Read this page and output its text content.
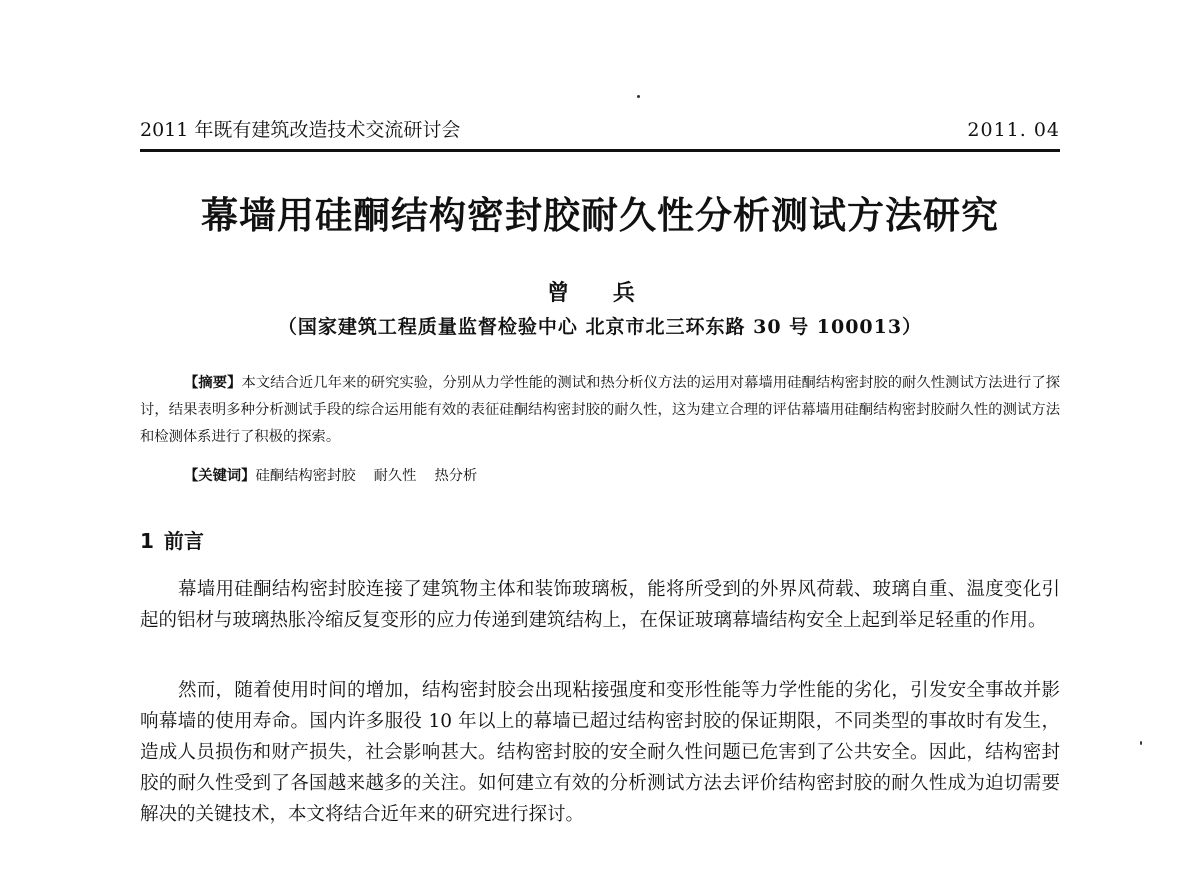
2011 年既有建筑改造技术交流研讨会	2011. 04
幕墙用硅酮结构密封胶耐久性分析测试方法研究
曾 兵
（国家建筑工程质量监督检验中心 北京市北三环东路 30 号 100013）
【摘要】本文结合近几年来的研究实验，分别从力学性能的测试和热分析仪方法的运用对幕墙用硅酮结构密封胶的耐久性测试方法进行了探讨，结果表明多种分析测试手段的综合运用能有效的表征硅酮结构密封胶的耐久性，这为建立合理的评估幕墙用硅酮结构密封胶耐久性的测试方法和检测体系进行了积极的探索。
【关键词】硅酮结构密封胶 耐久性 热分析
1 前言

幕墙用硅酮结构密封胶连接了建筑物主体和装饰玻璃板，能将所受到的外界风荷载、玻璃自重、温度变化引起的铝材与玻璃热胀冷缩反复变形的应力传递到建筑结构上，在保证玻璃幕墙结构安全上起到举足轻重的作用。

然而，随着使用时间的增加，结构密封胶会出现粘接强度和变形性能等力学性能的劣化，引发安全事故并影响幕墙的使用寿命。国内许多服役 10 年以上的幕墙已超过结构密封胶的保证期限，不同类型的事故时有发生，造成人员损伤和财产损失，社会影响甚大。结构密封胶的安全耐久性问题已危害到了公共安全。因此，结构密封胶的耐久性受到了各国越来越多的关注。如何建立有效的分析测试方法去评价结构密封胶的耐久性成为迫切需要解决的关键技术，本文将结合近年来的研究进行探讨。
